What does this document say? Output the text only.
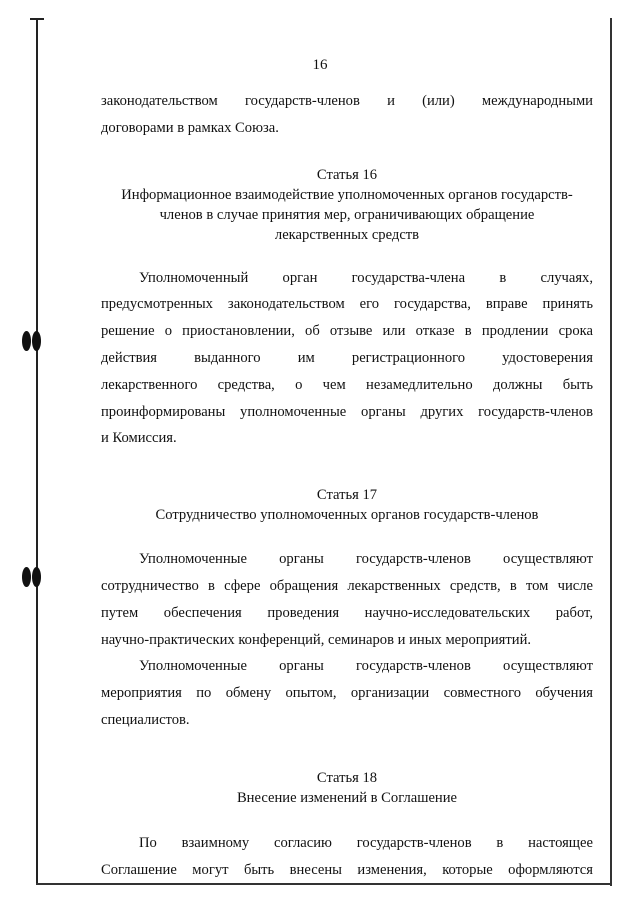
16

законодательством государств-членов и (или) международными

договорами в рамках Союза.

Статья 16

Информационное взаимодействие уполномоченных органов государств-

членов в случае принятия мер, ограничивающих обращение

лекарственных средств

Уполномоченный орган государства-члена в случаях,

предусмотренных законодательством его государства, вправе принять

решение о приостановлении, об отзыве или отказе в продлении срока

действия выданного им регистрационного удостоверения

лекарственного средства, о чем незамедлительно должны быть

проинформированы уполномоченные органы других государств-членов

и Комиссия.

Статья 17

Сотрудничество уполномоченных органов государств-членов

Уполномоченные органы государств-членов осуществляют

сотрудничество в сфере обращения лекарственных средств, в том числе

путем обеспечения проведения научно-исследовательских работ,

научно-практических конференций, семинаров и иных мероприятий.

Уполномоченные органы государств-членов осуществляют

мероприятия по обмену опытом, организации совместного обучения

специалистов.

Статья 18

Внесение изменений в Соглашение

По взаимному согласию государств-членов в настоящее

Соглашение могут быть внесены изменения, которые оформляются
